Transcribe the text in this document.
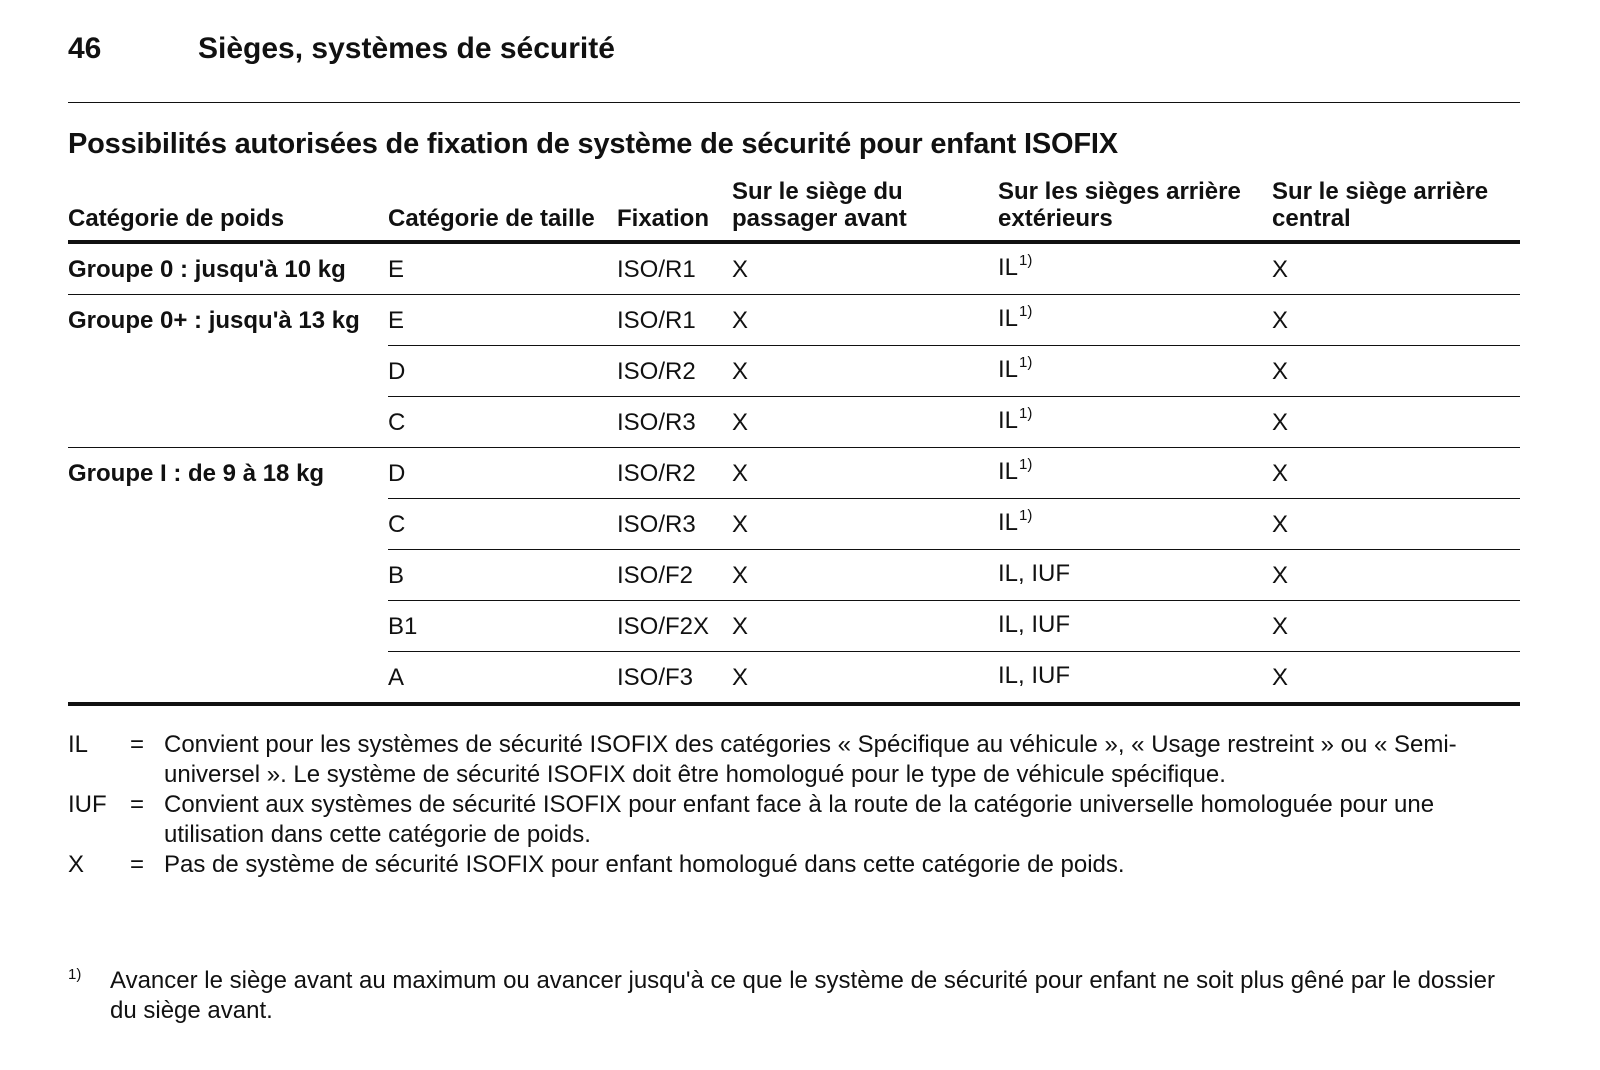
46	Sièges, systèmes de sécurité
Possibilités autorisées de fixation de système de sécurité pour enfant ISOFIX
Catégorie de poids	Catégorie de taille	Fixation	Sur le siège du passager avant	Sur les sièges arrière extérieurs	Sur le siège arrière central
Groupe 0 : jusqu'à 10 kg	E	ISO/R1	X	IL$^{1)}$	X
Groupe 0+ : jusqu'à 13 kg	E	ISO/R1	X	IL$^{1)}$	X
	D	ISO/R2	X	IL$^{1)}$	X
	C	ISO/R3	X	IL$^{1)}$	X
Groupe I : de 9 à 18 kg	D	ISO/R2	X	IL$^{1)}$	X
	C	ISO/R3	X	IL$^{1)}$	X
	B	ISO/F2	X	IL, IUF	X
	B1	ISO/F2X	X	IL, IUF	X
	A	ISO/F3	X	IL, IUF	X
IL	= Convient pour les systèmes de sécurité ISOFIX des catégories « Spécifique au véhicule », « Usage restreint » ou « Semi-universel ». Le système de sécurité ISOFIX doit être homologué pour le type de véhicule spécifique.
IUF = Convient aux systèmes de sécurité ISOFIX pour enfant face à la route de la catégorie universelle homologuée pour une utilisation dans cette catégorie de poids.
X	= Pas de système de sécurité ISOFIX pour enfant homologué dans cette catégorie de poids.
1)	Avancer le siège avant au maximum ou avancer jusqu'à ce que le système de sécurité pour enfant ne soit plus gêné par le dossier du siège avant.
